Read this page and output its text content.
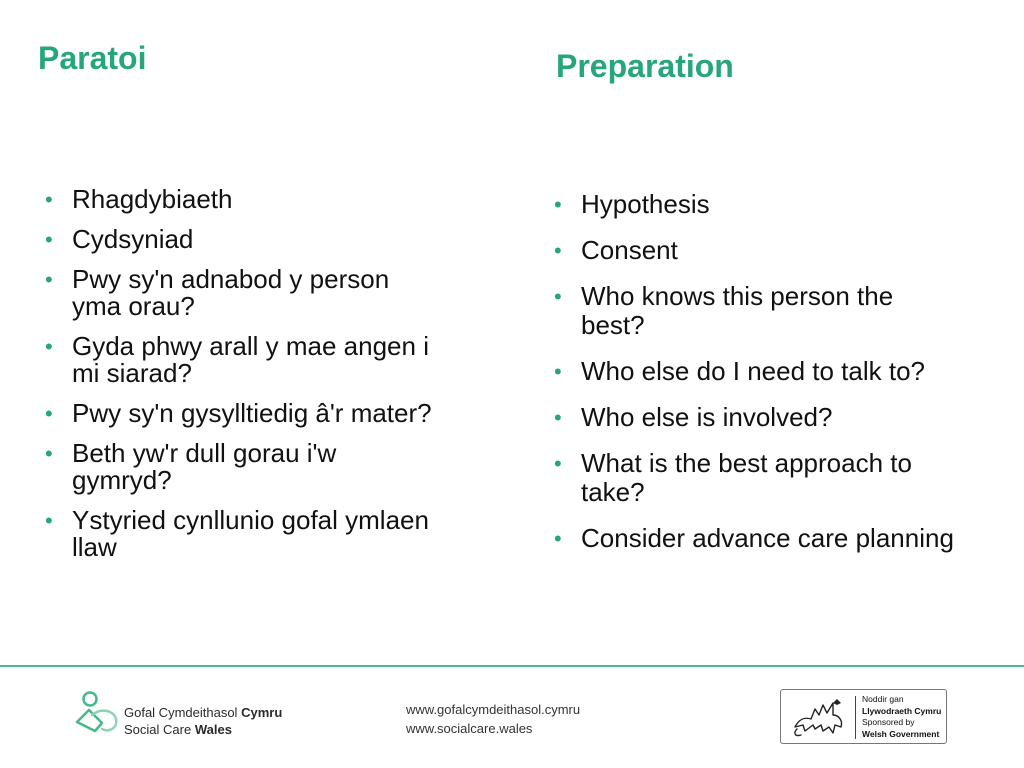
Paratoi	Preparation
• Rhagdybiaeth
• Cydsyniad
• Pwy sy'n adnabod y person yma orau?
• Gyda phwy arall y mae angen i mi siarad?
• Pwy sy'n gysylltiedig â'r mater?
• Beth yw'r dull gorau i'w gymryd?
• Ystyried cynllunio gofal ymlaen llaw
• Hypothesis
• Consent
• Who knows this person the best?
• Who else do I need to talk to?
• Who else is involved?
• What is the best approach to take?
• Consider advance care planning
Gofal Cymdeithasol Cymru
Social Care Wales
www.gofalcymdeithasol.cymru
www.socialcare.wales
Noddir gan
Llywodraeth Cymru
Sponsored by
Welsh Government
